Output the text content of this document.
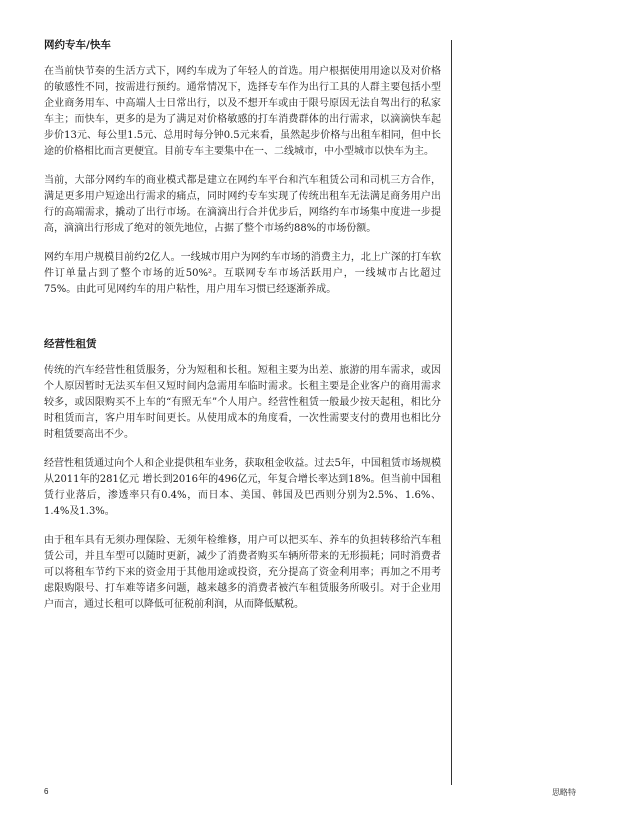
网约专车/快车

在当前快节奏的生活方式下，网约车成为了年轻人的首选。用户根据使用用途以及对价格的敏感性不同，按需进行预约。通常情况下，选择专车作为出行工具的人群主要包括小型企业商务用车、中高端人士日常出行，以及不想开车或由于限号原因无法自驾出行的私家车主；而快车，更多的是为了满足对价格敏感的打车消费群体的出行需求，以滴滴快车起步价13元、每公里1.5元、总用时每分钟0.5元来看，虽然起步价格与出租车相同，但中长途的价格相比而言更便宜。目前专车主要集中在一、二线城市，中小型城市以快车为主。

当前，大部分网约车的商业模式都是建立在网约车平台和汽车租赁公司和司机三方合作，满足更多用户短途出行需求的痛点，同时网约专车实现了传统出租车无法满足商务用户出行的高端需求，撬动了出行市场。在滴滴出行合并优步后，网络约车市场集中度进一步提高，滴滴出行形成了绝对的领先地位，占据了整个市场约88%的市场份额。

网约车用户规模目前约2亿人。一线城市用户为网约车市场的消费主力，北上广深的打车软件订单量占到了整个市场的近50%²。互联网专车市场活跃用户，一线城市占比超过75%。由此可见网约车的用户粘性，用户用车习惯已经逐渐养成。

经营性租赁

传统的汽车经营性租赁服务，分为短租和长租。短租主要为出差、旅游的用车需求，或因个人原因暂时无法买车但又短时间内急需用车临时需求。长租主要是企业客户的商用需求较多，或因限购买不上车的“有照无车”个人用户。经营性租赁一般最少按天起租，相比分时租赁而言，客户用车时间更长。从使用成本的角度看，一次性需要支付的费用也相比分时租赁要高出不少。

经营性租赁通过向个人和企业提供租车业务，获取租金收益。过去5年，中国租赁市场规模从2011年的281亿元 增长到2016年的496亿元，年复合增长率达到18%。但当前中国租赁行业落后，渗透率只有0.4%，而日本、美国、韩国及巴西则分别为2.5%、1.6%、1.4%及1.3%。

由于租车具有无须办理保险、无须年检维修，用户可以把买车、养车的负担转移给汽车租赁公司，并且车型可以随时更新，减少了消费者购买车辆所带来的无形损耗；同时消费者可以将租车节约下来的资金用于其他用途或投资，充分提高了资金利用率；再加之不用考虑限购限号、打车难等诸多问题，越来越多的消费者被汽车租赁服务所吸引。对于企业用户而言，通过长租可以降低可征税前利润，从而降低赋税。

6	思略特
